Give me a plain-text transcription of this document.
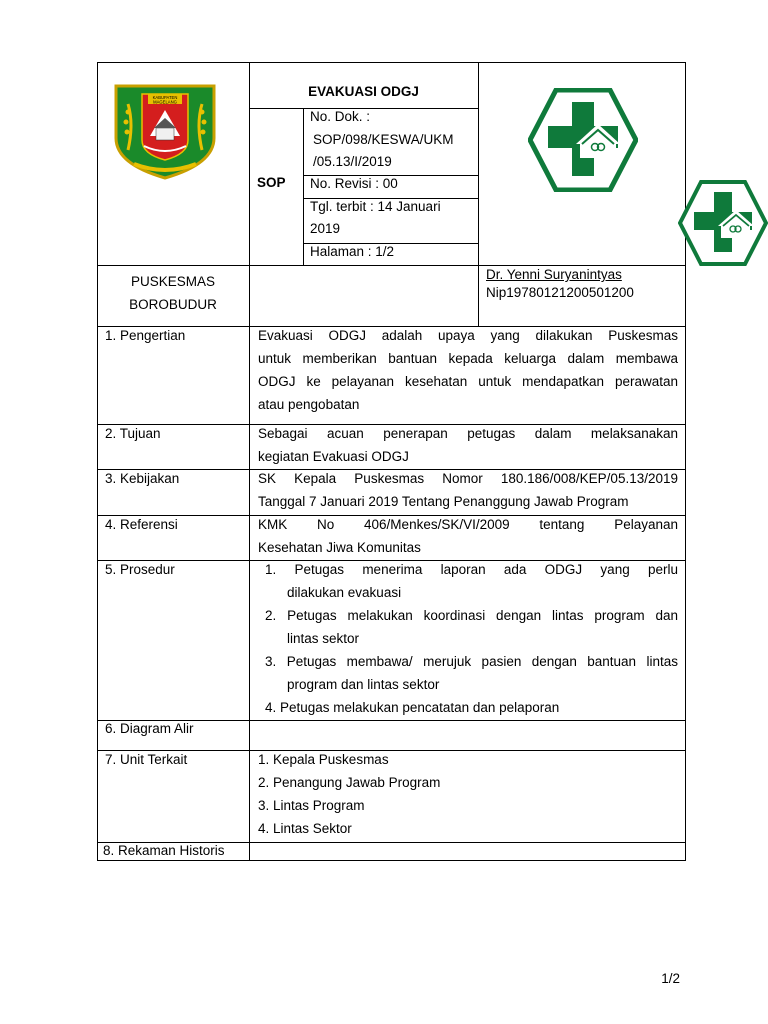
KABUPATEN
MAGELANG
EVAKUASI ODGJ
SOP
No. Dok. :
SOP/098/KESWA/UKM
/05.13/I/2019
No. Revisi : 00
Tgl. terbit : 14 Januari
2019
Halaman : 1/2
PUSKESMAS
BOROBUDUR
Dr. Yenni Suryanintyas
Nip19780121200501200
1. Pengertian
2. Tujuan
3. Kebijakan
4. Referensi
5. Prosedur
6. Diagram Alir
7. Unit Terkait
8. Rekaman Historis
Evakuasi ODGJ adalah upaya yang dilakukan Puskesmas
untuk memberikan bantuan kepada keluarga dalam membawa
ODGJ ke pelayanan kesehatan untuk mendapatkan perawatan
atau pengobatan
Sebagai acuan penerapan petugas dalam melaksanakan
kegiatan Evakuasi ODGJ
SK Kepala Puskesmas Nomor 180.186/008/KEP/05.13/2019
Tanggal 7 Januari 2019 Tentang Penanggung Jawab Program
KMK No 406/Menkes/SK/VI/2009 tentang Pelayanan
Kesehatan Jiwa Komunitas
1. Petugas menerima laporan ada ODGJ yang perlu
dilakukan evakuasi
2. Petugas melakukan koordinasi dengan lintas program dan
lintas sektor
3. Petugas membawa/ merujuk pasien dengan bantuan lintas
program dan lintas sektor
4. Petugas melakukan pencatatan dan pelaporan
1. Kepala Puskesmas
2. Penangung Jawab Program
3. Lintas Program
4. Lintas Sektor
1/2
